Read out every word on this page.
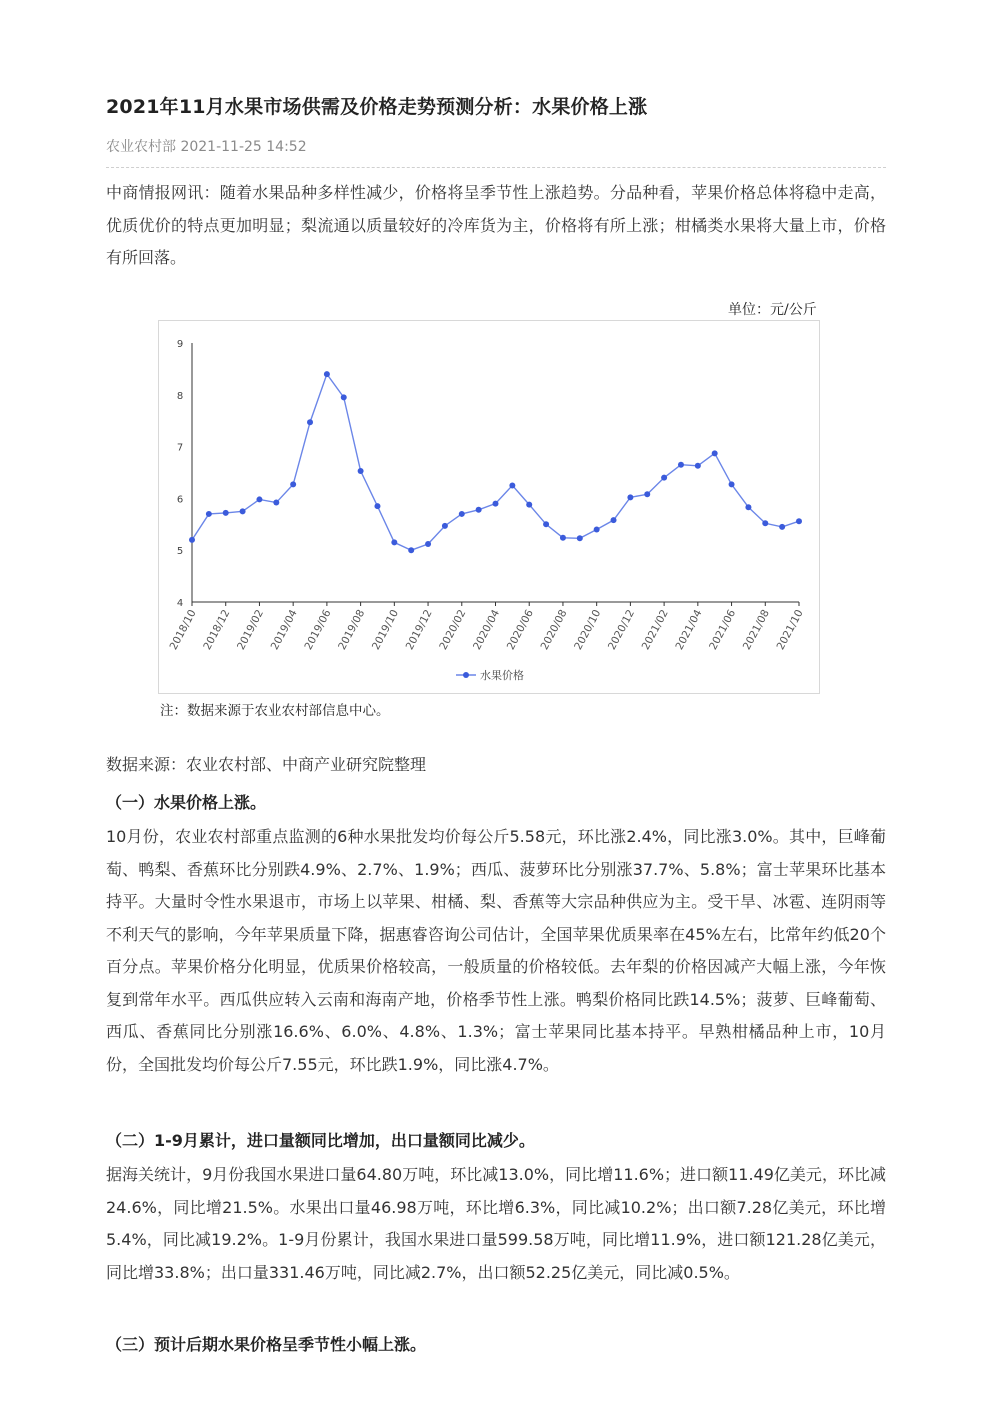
2021年11月水果市场供需及价格走势预测分析：水果价格上涨
农业农村部 2021-11-25 14:52

中商情报网讯：随着水果品种多样性减少，价格将呈季节性上涨趋势。分品种看，苹果价格总体将稳中走高，优质优价的特点更加明显；梨流通以质量较好的冷库货为主，价格将有所上涨；柑橘类水果将大量上市，价格有所回落。

数据来源：农业农村部、中商产业研究院整理

（一）水果价格上涨。

10月份，农业农村部重点监测的6种水果批发均价每公斤5.58元，环比涨2.4%，同比涨3.0%。其中，巨峰葡萄、鸭梨、香蕉环比分别跌4.9%、2.7%、1.9%；西瓜、菠萝环比分别涨37.7%、5.8%；富士苹果环比基本持平。大量时令性水果退市，市场上以苹果、柑橘、梨、香蕉等大宗品种供应为主。受干旱、冰雹、连阴雨等不利天气的影响，今年苹果质量下降，据惠睿咨询公司估计，全国苹果优质果率在45%左右，比常年约低20个百分点。苹果价格分化明显，优质果价格较高，一般质量的价格较低。去年梨的价格因减产大幅上涨，今年恢复到常年水平。西瓜供应转入云南和海南产地，价格季节性上涨。鸭梨价格同比跌14.5%；菠萝、巨峰葡萄、西瓜、香蕉同比分别涨16.6%、6.0%、4.8%、1.3%；富士苹果同比基本持平。早熟柑橘品种上市，10月份，全国批发均价每公斤7.55元，环比跌1.9%，同比涨4.7%。

（二）1-9月累计，进口量额同比增加，出口量额同比减少。

据海关统计，9月份我国水果进口量64.80万吨，环比减13.0%，同比增11.6%；进口额11.49亿美元，环比减24.6%，同比增21.5%。水果出口量46.98万吨，环比增6.3%，同比减10.2%；出口额7.28亿美元，环比增5.4%，同比减19.2%。1-9月份累计，我国水果进口量599.58万吨，同比增11.9%，进口额121.28亿美元，同比增33.8%；出口量331.46万吨，同比减2.7%，出口额52.25亿美元，同比减0.5%。

（三）预计后期水果价格呈季节性小幅上涨。

单位：元/公斤
4
5
6
7
8
9
2018/10 2018/12 2019/02 2019/04 2019/06 2019/08 2019/10 2019/12 2020/02 2020/04 2020/06 2020/08 2020/10 2020/12 2021/02 2021/04 2021/06 2021/08 2021/10
水果价格
注：数据来源于农业农村部信息中心。
